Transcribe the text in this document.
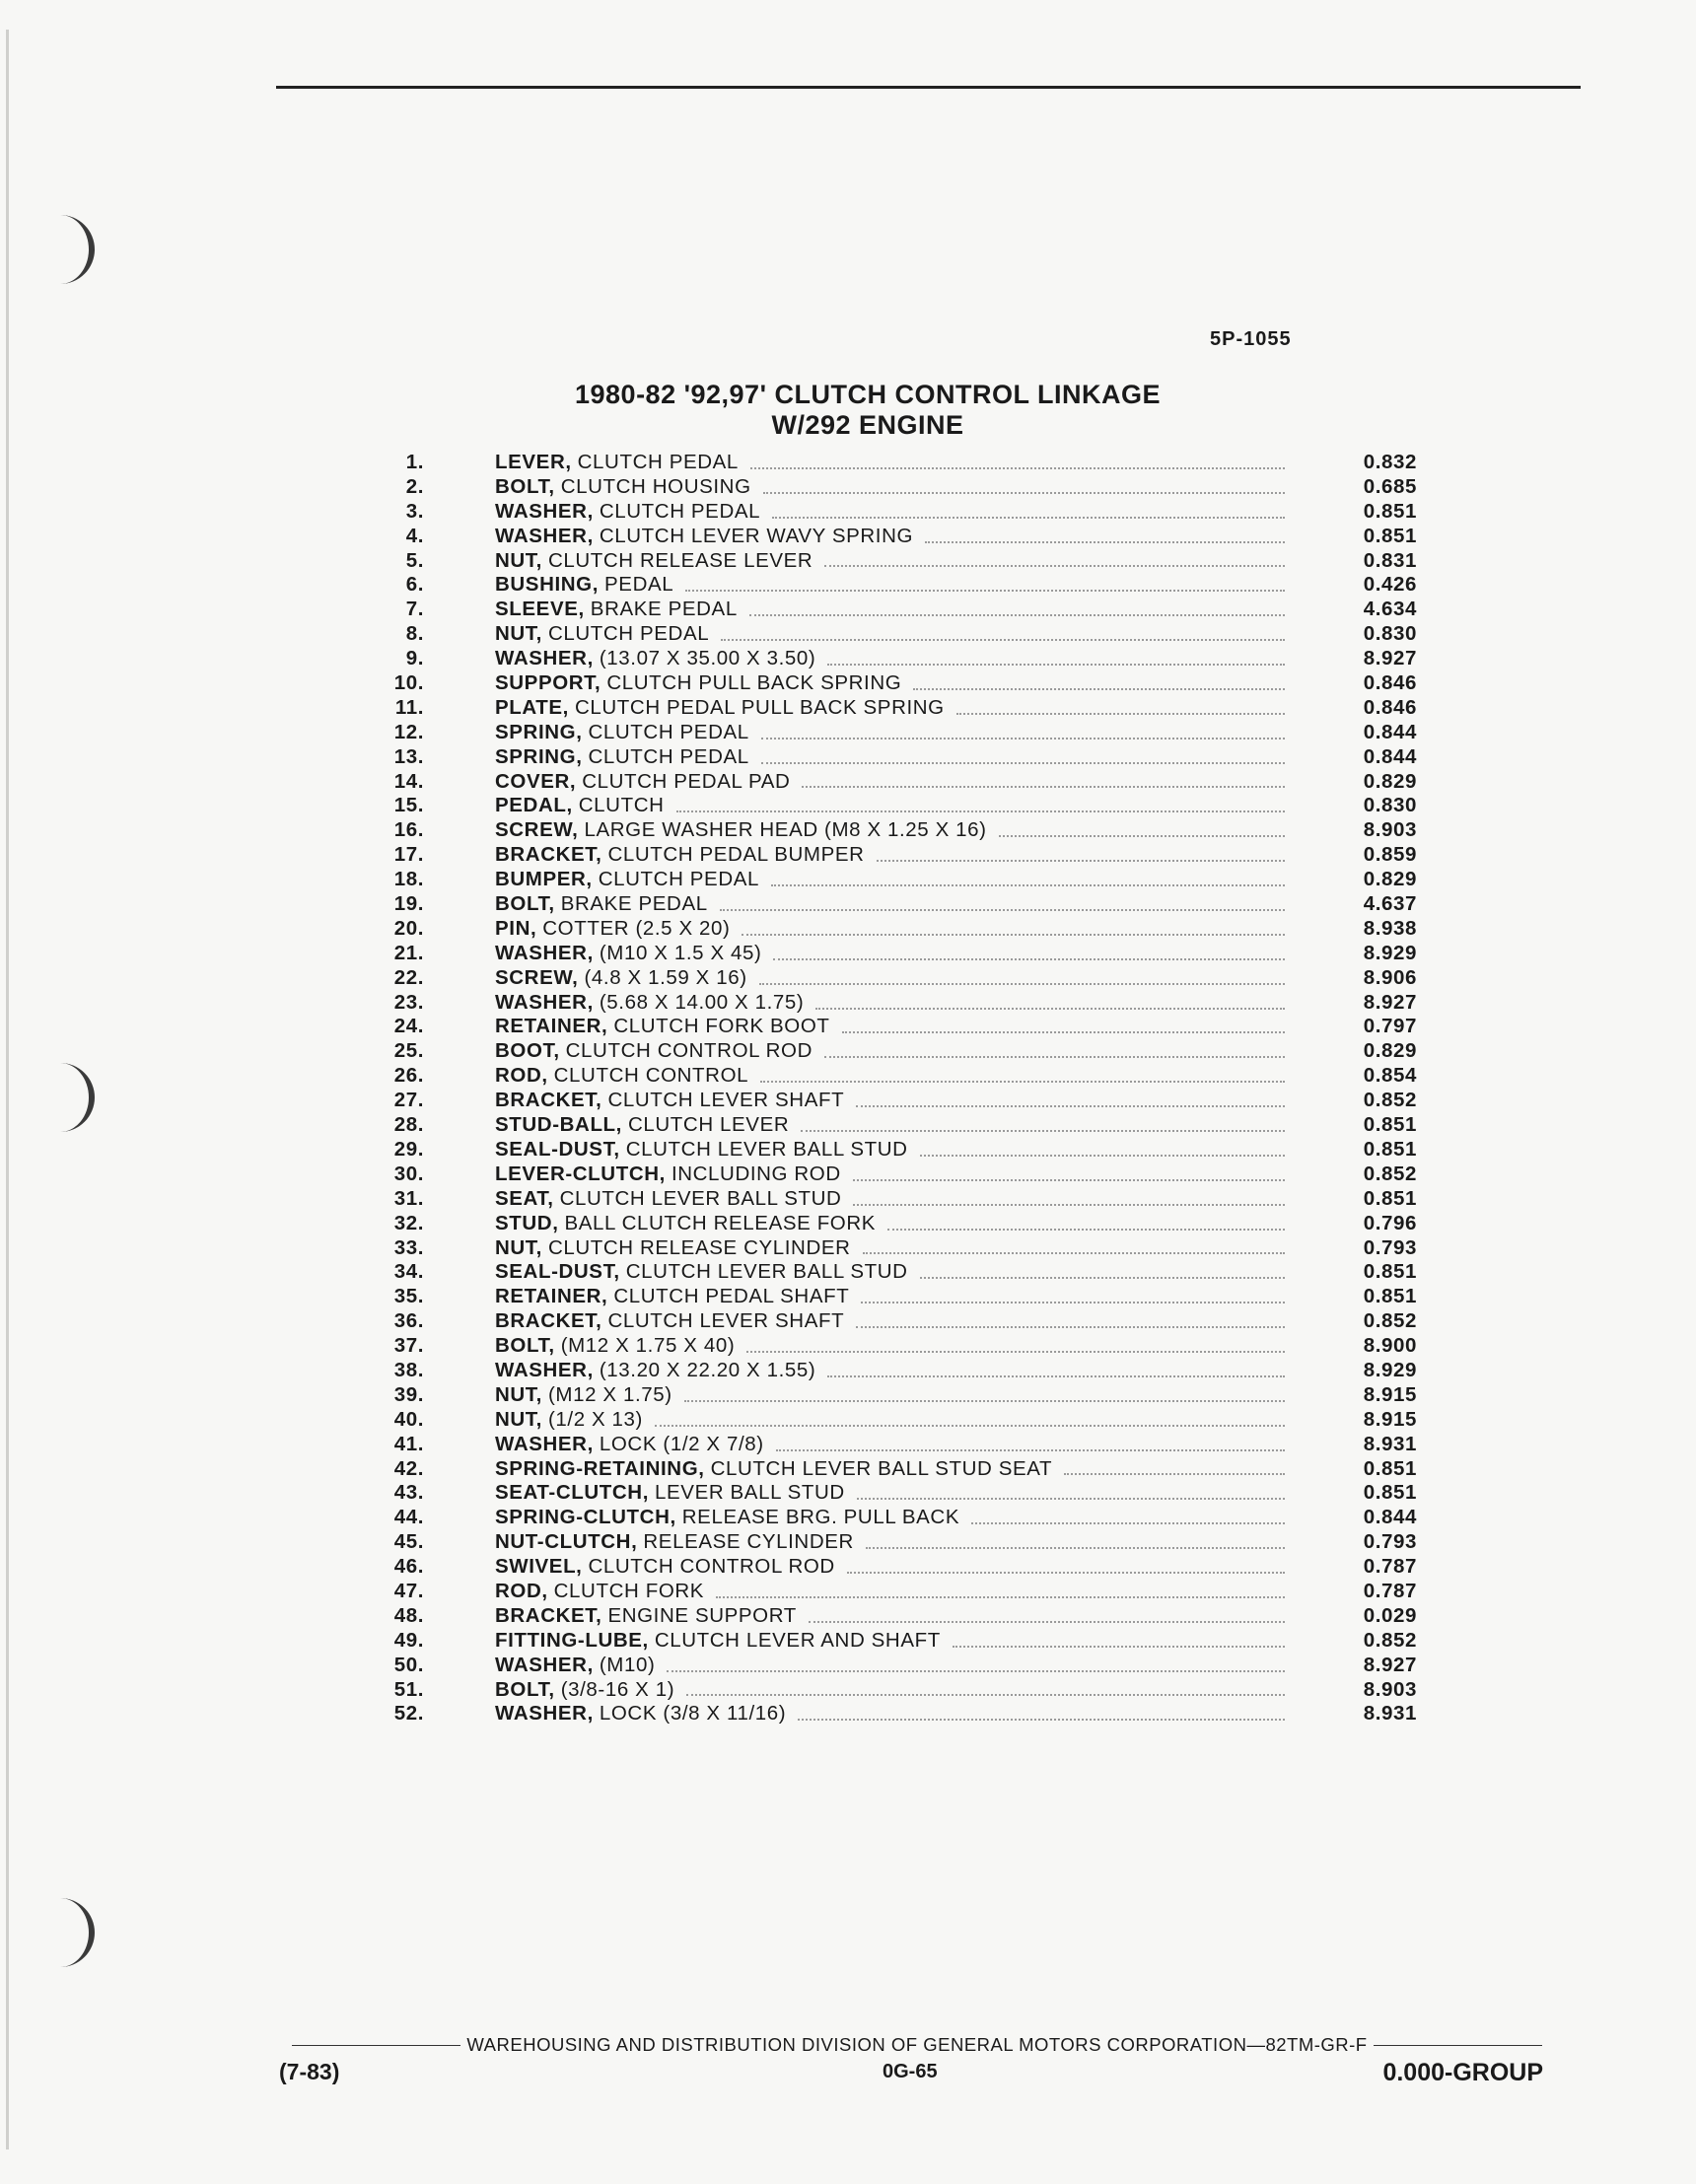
5P-1055
1980-82 '92,97' CLUTCH CONTROL LINKAGE
W/292 ENGINE
1.	LEVER, CLUTCH PEDAL	0.832
2.	BOLT, CLUTCH HOUSING	0.685
3.	WASHER, CLUTCH PEDAL	0.851
4.	WASHER, CLUTCH LEVER WAVY SPRING	0.851
5.	NUT, CLUTCH RELEASE LEVER	0.831
6.	BUSHING, PEDAL	0.426
7.	SLEEVE, BRAKE PEDAL	4.634
8.	NUT, CLUTCH PEDAL	0.830
9.	WASHER, (13.07 X 35.00 X 3.50)	8.927
10.	SUPPORT, CLUTCH PULL BACK SPRING	0.846
11.	PLATE, CLUTCH PEDAL PULL BACK SPRING	0.846
12.	SPRING, CLUTCH PEDAL	0.844
13.	SPRING, CLUTCH PEDAL	0.844
14.	COVER, CLUTCH PEDAL PAD	0.829
15.	PEDAL, CLUTCH	0.830
16.	SCREW, LARGE WASHER HEAD (M8 X 1.25 X 16)	8.903
17.	BRACKET, CLUTCH PEDAL BUMPER	0.859
18.	BUMPER, CLUTCH PEDAL	0.829
19.	BOLT, BRAKE PEDAL	4.637
20.	PIN, COTTER (2.5 X 20)	8.938
21.	WASHER, (M10 X 1.5 X 45)	8.929
22.	SCREW, (4.8 X 1.59 X 16)	8.906
23.	WASHER, (5.68 X 14.00 X 1.75)	8.927
24.	RETAINER, CLUTCH FORK BOOT	0.797
25.	BOOT, CLUTCH CONTROL ROD	0.829
26.	ROD, CLUTCH CONTROL	0.854
27.	BRACKET, CLUTCH LEVER SHAFT	0.852
28.	STUD-BALL, CLUTCH LEVER	0.851
29.	SEAL-DUST, CLUTCH LEVER BALL STUD	0.851
30.	LEVER-CLUTCH, INCLUDING ROD	0.852
31.	SEAT, CLUTCH LEVER BALL STUD	0.851
32.	STUD, BALL CLUTCH RELEASE FORK	0.796
33.	NUT, CLUTCH RELEASE CYLINDER	0.793
34.	SEAL-DUST, CLUTCH LEVER BALL STUD	0.851
35.	RETAINER, CLUTCH PEDAL SHAFT	0.851
36.	BRACKET, CLUTCH LEVER SHAFT	0.852
37.	BOLT, (M12 X 1.75 X 40)	8.900
38.	WASHER, (13.20 X 22.20 X 1.55)	8.929
39.	NUT, (M12 X 1.75)	8.915
40.	NUT, (1/2 X 13)	8.915
41.	WASHER, LOCK (1/2 X 7/8)	8.931
42.	SPRING-RETAINING, CLUTCH LEVER BALL STUD SEAT	0.851
43.	SEAT-CLUTCH, LEVER BALL STUD	0.851
44.	SPRING-CLUTCH, RELEASE BRG. PULL BACK	0.844
45.	NUT-CLUTCH, RELEASE CYLINDER	0.793
46.	SWIVEL, CLUTCH CONTROL ROD	0.787
47.	ROD, CLUTCH FORK	0.787
48.	BRACKET, ENGINE SUPPORT	0.029
49.	FITTING-LUBE, CLUTCH LEVER AND SHAFT	0.852
50.	WASHER, (M10)	8.927
51.	BOLT, (3/8-16 X 1)	8.903
52.	WASHER, LOCK (3/8 X 11/16)	8.931
WAREHOUSING AND DISTRIBUTION DIVISION OF GENERAL MOTORS CORPORATION—82TM-GR-F
(7-83)	0G-65	0.000-GROUP
